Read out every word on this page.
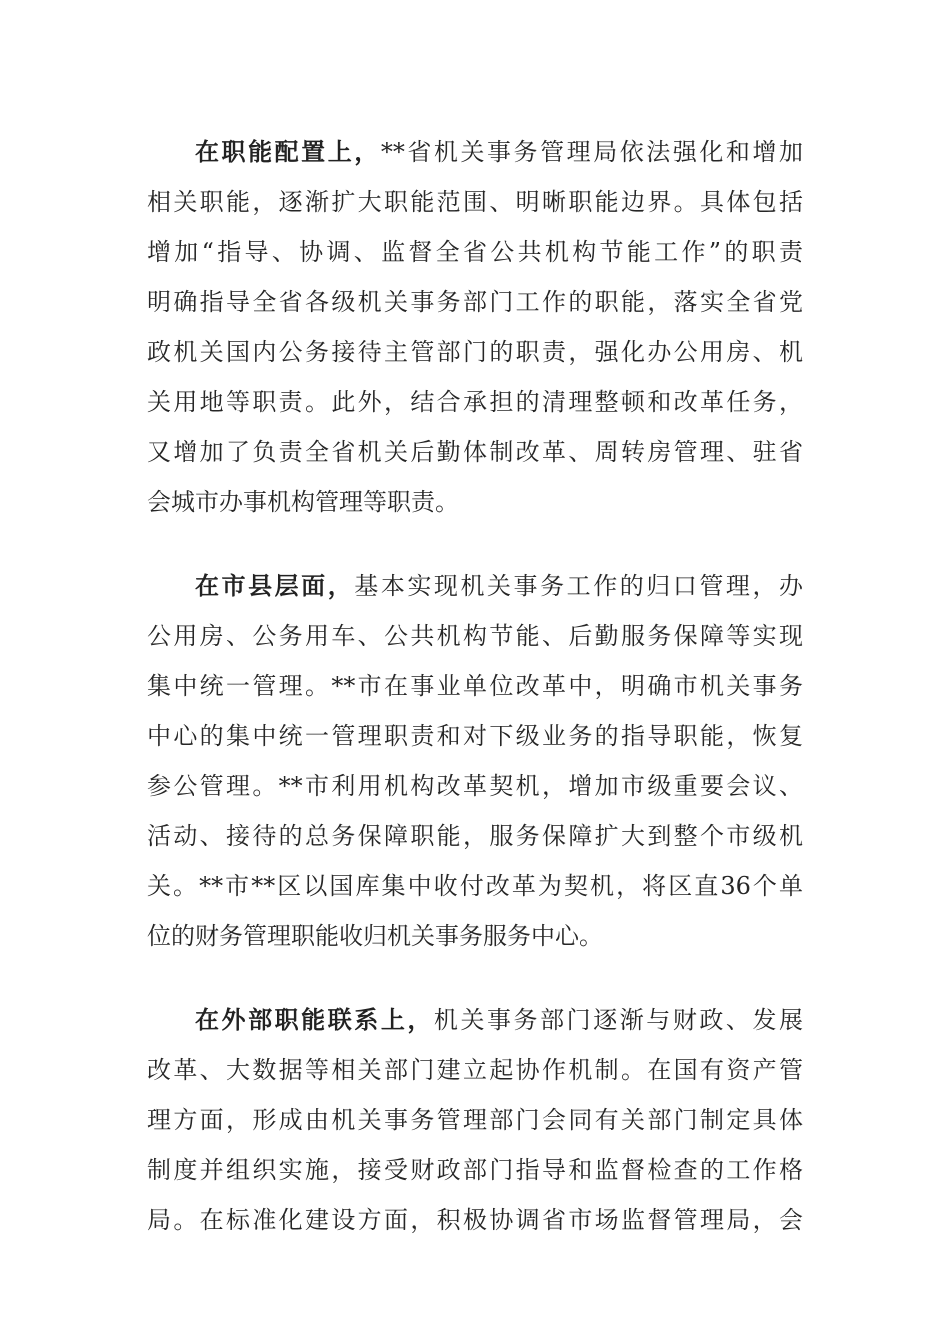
在职能配置上，**省机关事务管理局依法强化和增加
相关职能，逐渐扩大职能范围、明晰职能边界。具体包括
增加“指导、协调、监督全省公共机构节能工作”的职责
明确指导全省各级机关事务部门工作的职能，落实全省党
政机关国内公务接待主管部门的职责，强化办公用房、机
关用地等职责。此外，结合承担的清理整顿和改革任务，
又增加了负责全省机关后勤体制改革、周转房管理、驻省
会城市办事机构管理等职责。
在市县层面，基本实现机关事务工作的归口管理，办
公用房、公务用车、公共机构节能、后勤服务保障等实现
集中统一管理。**市在事业单位改革中，明确市机关事务
中心的集中统一管理职责和对下级业务的指导职能，恢复
参公管理。**市利用机构改革契机，增加市级重要会议、
活动、接待的总务保障职能，服务保障扩大到整个市级机
关。**市**区以国库集中收付改革为契机，将区直36个单
位的财务管理职能收归机关事务服务中心。
在外部职能联系上，机关事务部门逐渐与财政、发展
改革、大数据等相关部门建立起协作机制。在国有资产管
理方面，形成由机关事务管理部门会同有关部门制定具体
制度并组织实施，接受财政部门指导和监督检查的工作格
局。在标准化建设方面，积极协调省市场监督管理局，会
